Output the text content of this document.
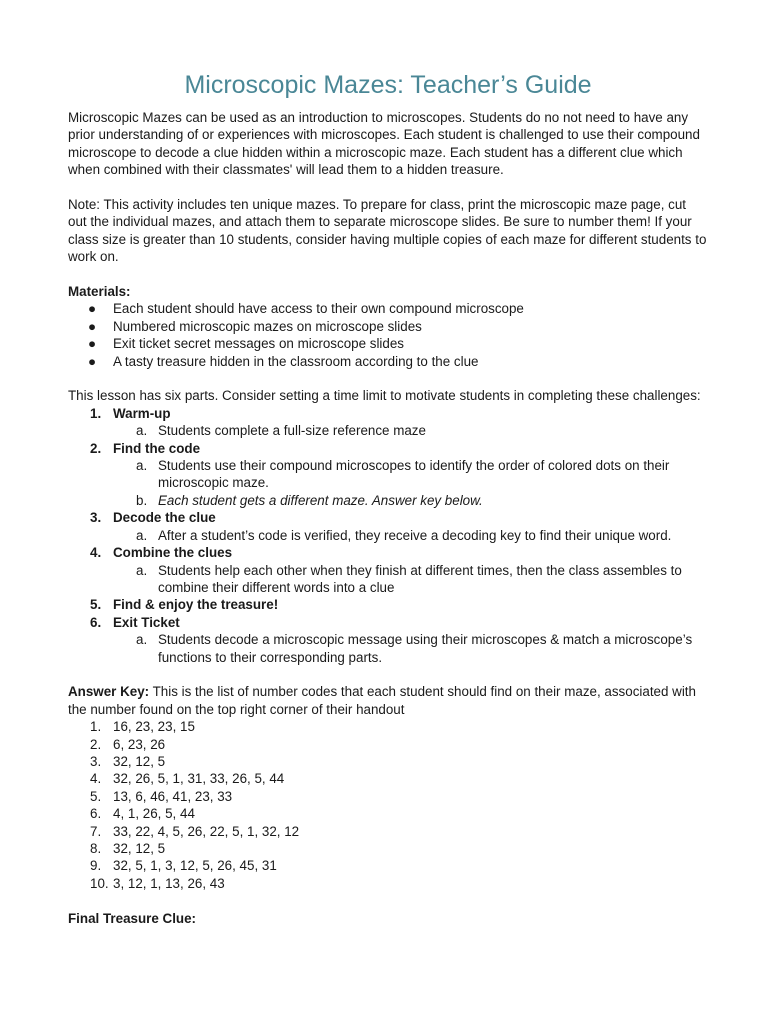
Microscopic Mazes: Teacher’s Guide

Microscopic Mazes can be used as an introduction to microscopes. Students do no not need to have any prior understanding of or experiences with microscopes. Each student is challenged to use their compound microscope to decode a clue hidden within a microscopic maze. Each student has a different clue which when combined with their classmates' will lead them to a hidden treasure.

Note: This activity includes ten unique mazes. To prepare for class, print the microscopic maze page, cut out the individual mazes, and attach them to separate microscope slides. Be sure to number them! If your class size is greater than 10 students, consider having multiple copies of each maze for different students to work on.

Materials:

● Each student should have access to their own compound microscope
● Numbered microscopic mazes on microscope slides
● Exit ticket secret messages on microscope slides
● A tasty treasure hidden in the classroom according to the clue

This lesson has six parts. Consider setting a time limit to motivate students in completing these challenges:

1. Warm-up
a. Students complete a full-size reference maze
2. Find the code
a. Students use their compound microscopes to identify the order of colored dots on their microscopic maze.
b. Each student gets a different maze. Answer key below.
3. Decode the clue
a. After a student’s code is verified, they receive a decoding key to find their unique word.
4. Combine the clues
a. Students help each other when they finish at different times, then the class assembles to combine their different words into a clue
5. Find & enjoy the treasure!
6. Exit Ticket
a. Students decode a microscopic message using their microscopes & match a microscope’s functions to their corresponding parts.

Answer Key: This is the list of number codes that each student should find on their maze, associated with the number found on the top right corner of their handout

1. 16, 23, 23, 15
2. 6, 23, 26
3. 32, 12, 5
4. 32, 26, 5, 1, 31, 33, 26, 5, 44
5. 13, 6, 46, 41, 23, 33
6. 4, 1, 26, 5, 44
7. 33, 22, 4, 5, 26, 22, 5, 1, 32, 12
8. 32, 12, 5
9. 32, 5, 1, 3, 12, 5, 26, 45, 31
10. 3, 12, 1, 13, 26, 43

Final Treasure Clue:
